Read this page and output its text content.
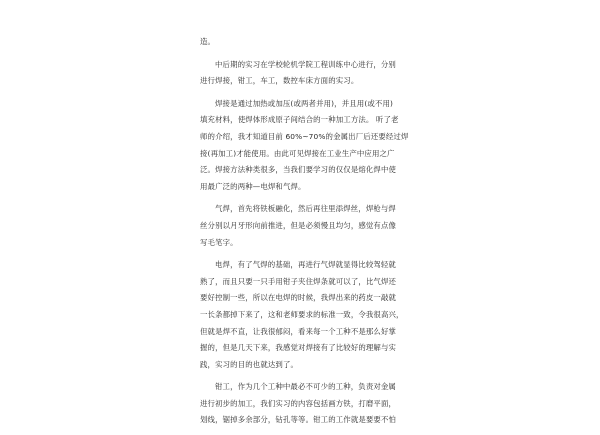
造。

中后期的实习在学校轮机学院工程训练中心进行，分别
进行焊接，钳工，车工，数控车床方面的实习。

焊接是通过加热或加压(或两者并用)，并且用(或不用)
填充材料，使焊体形成原子间结合的一种加工方法。 听了老
师的介绍，我才知道目前 60%~70%的金属出厂后还要经过焊
接(再加工)才能使用。由此可见焊接在工业生产中应用之广
泛。焊接方法种类很多，当我们要学习的仅仅是熔化焊中使
用最广泛的两种—电焊和气焊。

气焊，首先将铁板融化，然后再往里添焊丝，焊枪与焊
丝分别以月牙形向前推进，但是必须慢且均匀，感觉有点像
写毛笔字。

电焊，有了气焊的基础，再进行气焊就显得比较驾轻就
熟了，而且只要一只手用钳子夹住焊条就可以了，比气焊还
要好控制一些，所以在电焊的时候，我焊出来的药皮一敲就
一长条都掉下来了，这和老师要求的标准一致，令我很高兴，
但就是焊不直，让我很郁闷，看来每一个工种不是那么好掌
握的，但是几天下来，我感觉对焊接有了比较好的理解与实
践，实习的目的也就达到了。

钳工，作为几个工种中最必不可少的工种，负责对金属
进行初步的加工，我们实习的内容包括画方铁，打磨平面，
划线，锯掉多余部分，钻孔等等。钳工的工作就是要要不怕
